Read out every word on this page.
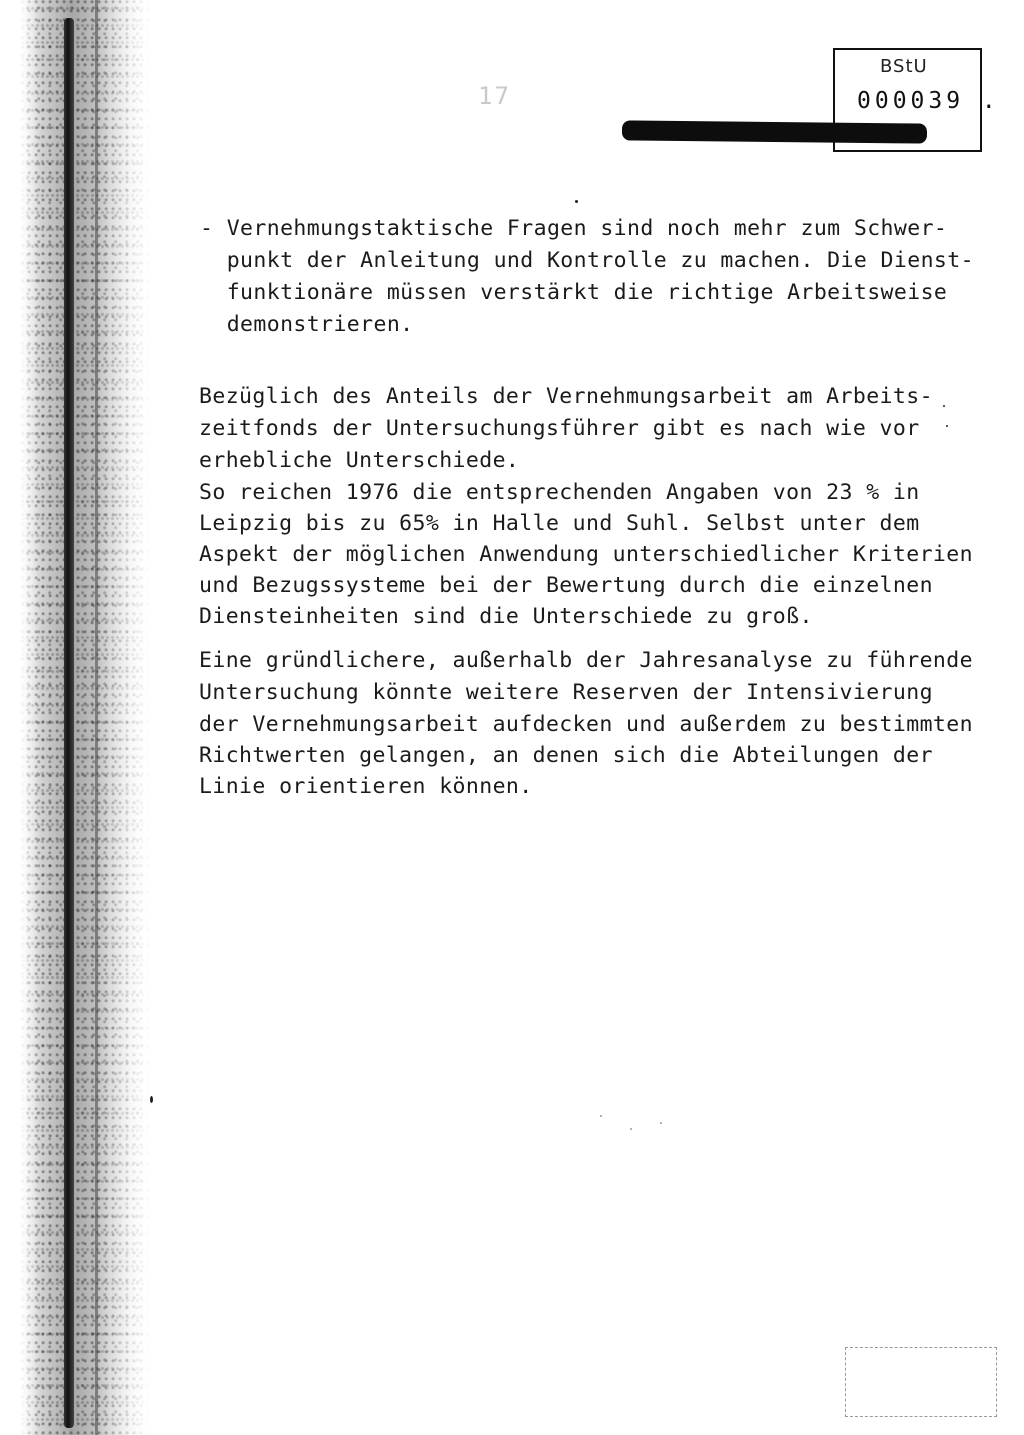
17
BStU
000039 .
- Vernehmungstaktische Fragen sind noch mehr zum Schwer-
punkt der Anleitung und Kontrolle zu machen. Die Dienst-
funktionäre müssen verstärkt die richtige Arbeitsweise
demonstrieren.
Bezüglich des Anteils der Vernehmungsarbeit am Arbeits-
zeitfonds der Untersuchungsführer gibt es nach wie vor
erhebliche Unterschiede.
So reichen 1976 die entsprechenden Angaben von 23 % in
Leipzig bis zu 65% in Halle und Suhl. Selbst unter dem
Aspekt der möglichen Anwendung unterschiedlicher Kriterien
und Bezugssysteme bei der Bewertung durch die einzelnen
Diensteinheiten sind die Unterschiede zu groß.
Eine gründlichere, außerhalb der Jahresanalyse zu führende
Untersuchung könnte weitere Reserven der Intensivierung
der Vernehmungsarbeit aufdecken und außerdem zu bestimmten
Richtwerten gelangen, an denen sich die Abteilungen der
Linie orientieren können.
